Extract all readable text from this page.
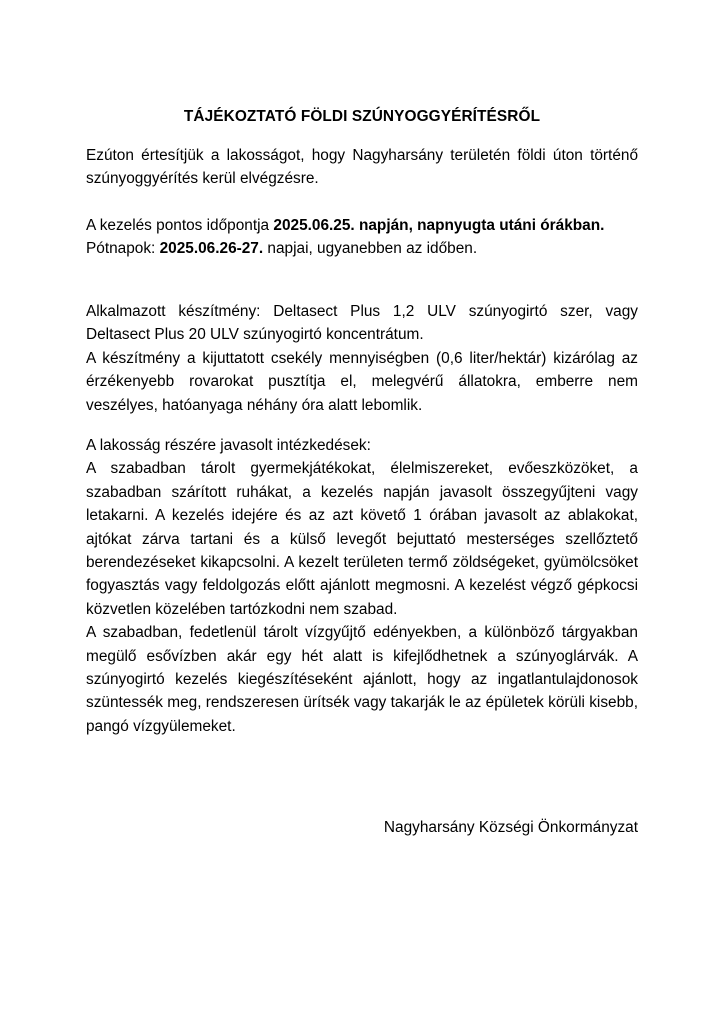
TÁJÉKOZTATÓ FÖLDI SZÚNYOGGYÉRÍTÉSRŐL

Ezúton értesítjük a lakosságot, hogy Nagyharsány területén földi úton történő szúnyoggyérítés kerül elvégzésre.

A kezelés pontos időpontja 2025.06.25. napján, napnyugta utáni órákban.

Pótnapok: 2025.06.26-27. napjai, ugyanebben az időben.

Alkalmazott készítmény: Deltasect Plus 1,2 ULV szúnyogirtó szer, vagy Deltasect Plus 20 ULV szúnyogirtó koncentrátum.

A készítmény a kijuttatott csekély mennyiségben (0,6 liter/hektár) kizárólag az érzékenyebb rovarokat pusztítja el, melegvérű állatokra, emberre nem veszélyes, hatóanyaga néhány óra alatt lebomlik.

A lakosság részére javasolt intézkedések:

A szabadban tárolt gyermekjátékokat, élelmiszereket, evőeszközöket, a szabadban szárított ruhákat, a kezelés napján javasolt összegyűjteni vagy letakarni. A kezelés idejére és az azt követő 1 órában javasolt az ablakokat, ajtókat zárva tartani és a külső levegőt bejuttató mesterséges szellőztető berendezéseket kikapcsolni. A kezelt területen termő zöldségeket, gyümölcsöket fogyasztás vagy feldolgozás előtt ajánlott megmosni. A kezelést végző gépkocsi közvetlen közelében tartózkodni nem szabad.

A szabadban, fedetlenül tárolt vízgyűjtő edényekben, a különböző tárgyakban megülő esővízben akár egy hét alatt is kifejlődhetnek a szúnyoglárvák. A szúnyogirtó kezelés kiegészítéseként ajánlott, hogy az ingatlantulajdonosok szüntessék meg, rendszeresen ürítsék vagy takarják le az épületek körüli kisebb, pangó vízgyülemeket.

Nagyharsány Községi Önkormányzat
